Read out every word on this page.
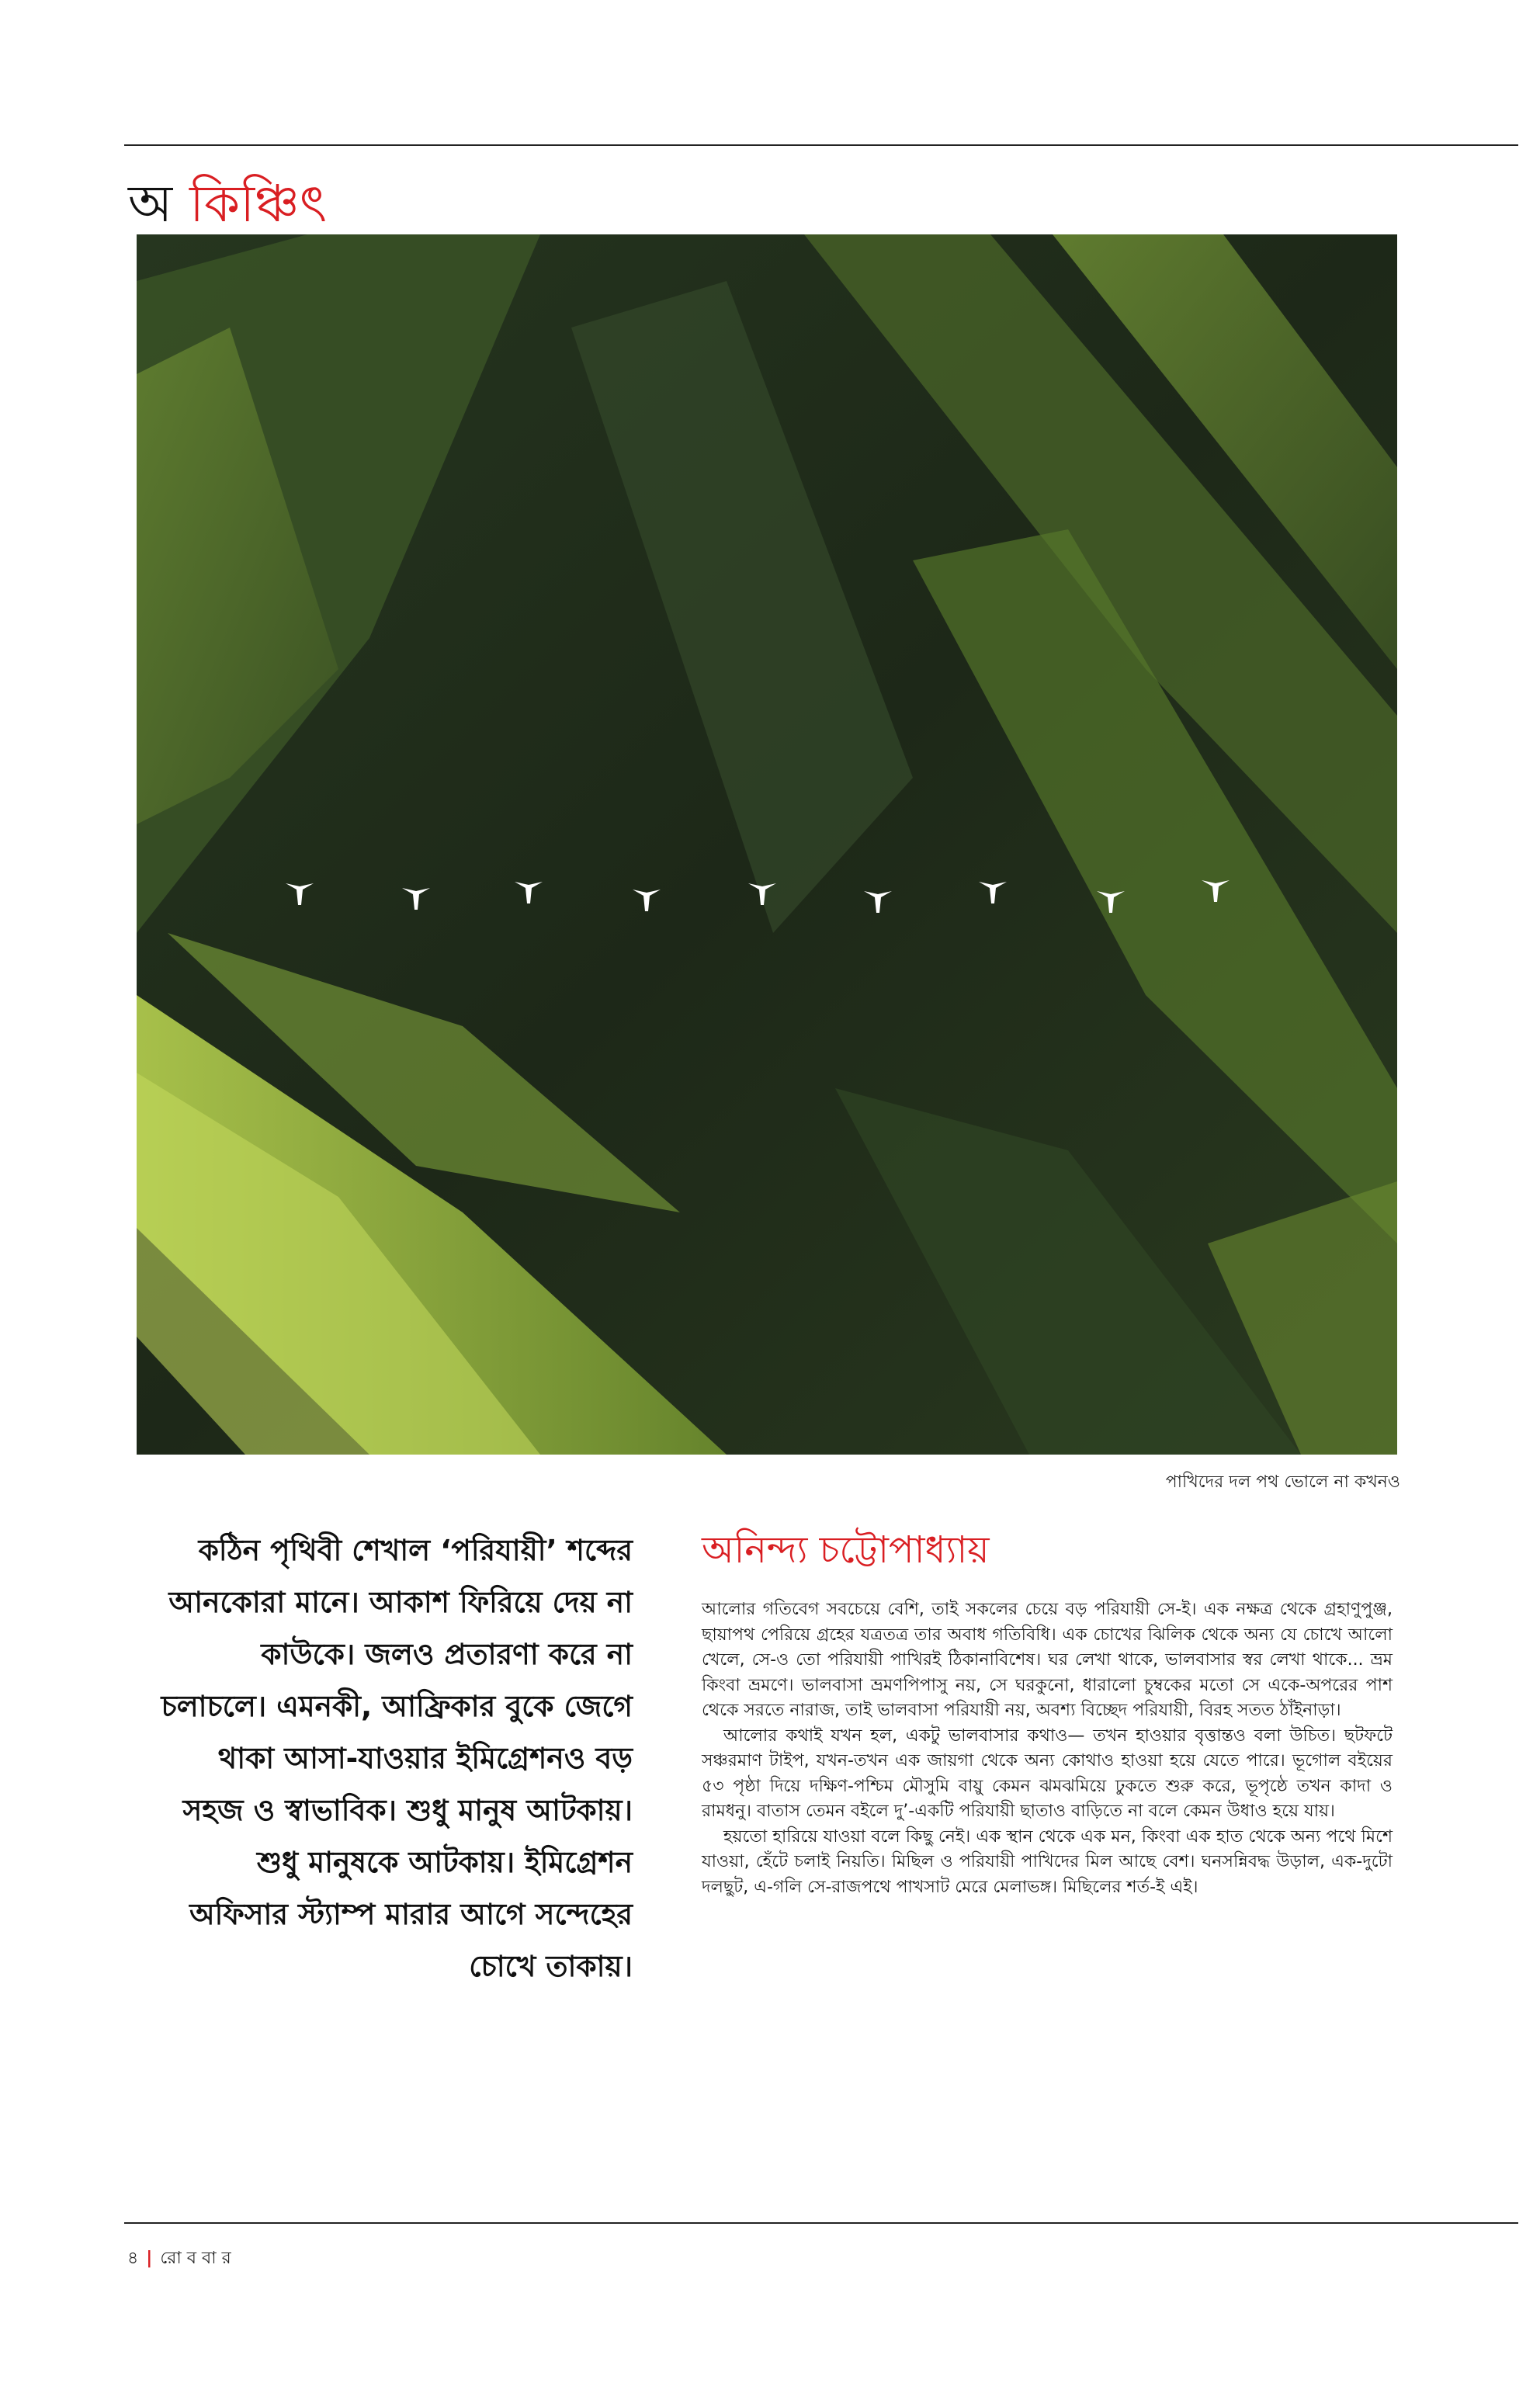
অ কিঞ্চিৎ
পাখিদের দল পথ ভোলে না কখনও
কঠিন পৃথিবী শেখাল ‘পরিযায়ী’ শব্দের আনকোরা মানে। আকাশ ফিরিয়ে দেয় না কাউকে। জলও প্রতারণা করে না চলাচলে। এমনকী, আফ্রিকার বুকে জেগে থাকা আসা-যাওয়ার ইমিগ্রেশনও বড় সহজ ও স্বাভাবিক। শুধু মানুষ আটকায়। শুধু মানুষকে আটকায়। ইমিগ্রেশন অফিসার স্ট্যাম্প মারার আগে সন্দেহের চোখে তাকায়।
অনিন্দ্য চট্টোপাধ্যায়

আলোর গতিবেগ সবচেয়ে বেশি, তাই সকলের চেয়ে বড় পরিযায়ী সে-ই। এক নক্ষত্র থেকে গ্রহাণুপুঞ্জ, ছায়াপথ পেরিয়ে গ্রহের যত্রতত্র তার অবাধ গতিবিধি। এক চোখের ঝিলিক থেকে অন্য যে চোখে আলো খেলে, সে-ও তো পরিযায়ী পাখিরই ঠিকানাবিশেষ। ঘর লেখা থাকে, ভালবাসার স্বর লেখা থাকে... ভ্রম কিংবা ভ্রমণে। ভালবাসা ভ্রমণপিপাসু নয়, সে ঘরকুনো, ধারালো চুম্বকের মতো সে একে-অপরের পাশ থেকে সরতে নারাজ, তাই ভালবাসা পরিযায়ী নয়, অবশ্য বিচ্ছেদ পরিযায়ী, বিরহ সতত ঠাঁইনাড়া।

আলোর কথাই যখন হল, একটু ভালবাসার কথাও— তখন হাওয়ার বৃত্তান্তও বলা উচিত। ছটফটে সঞ্চরমাণ টাইপ, যখন-তখন এক জায়গা থেকে অন্য কোথাও হাওয়া হয়ে যেতে পারে। ভূগোল বইয়ের ৫৩ পৃষ্ঠা দিয়ে দক্ষিণ-পশ্চিম মৌসুমি বায়ু কেমন ঝমঝমিয়ে ঢুকতে শুরু করে, ভূপৃষ্ঠে তখন কাদা ও রামধনু। বাতাস তেমন বইলে দু’-একটি পরিযায়ী ছাতাও বাড়িতে না বলে কেমন উধাও হয়ে যায়।

হয়তো হারিয়ে যাওয়া বলে কিছু নেই। এক স্থান থেকে এক মন, কিংবা এক হাত থেকে অন্য পথে মিশে যাওয়া, হেঁটে চলাই নিয়তি। মিছিল ও পরিযায়ী পাখিদের মিল আছে বেশ। ঘনসন্নিবদ্ধ উড়াল, এক-দুটো দলছুট, এ-গলি সে-রাজপথে পাখসাট মেরে মেলাভঙ্গ। মিছিলের শর্ত-ই এই।

৪ | রো ব বা র
